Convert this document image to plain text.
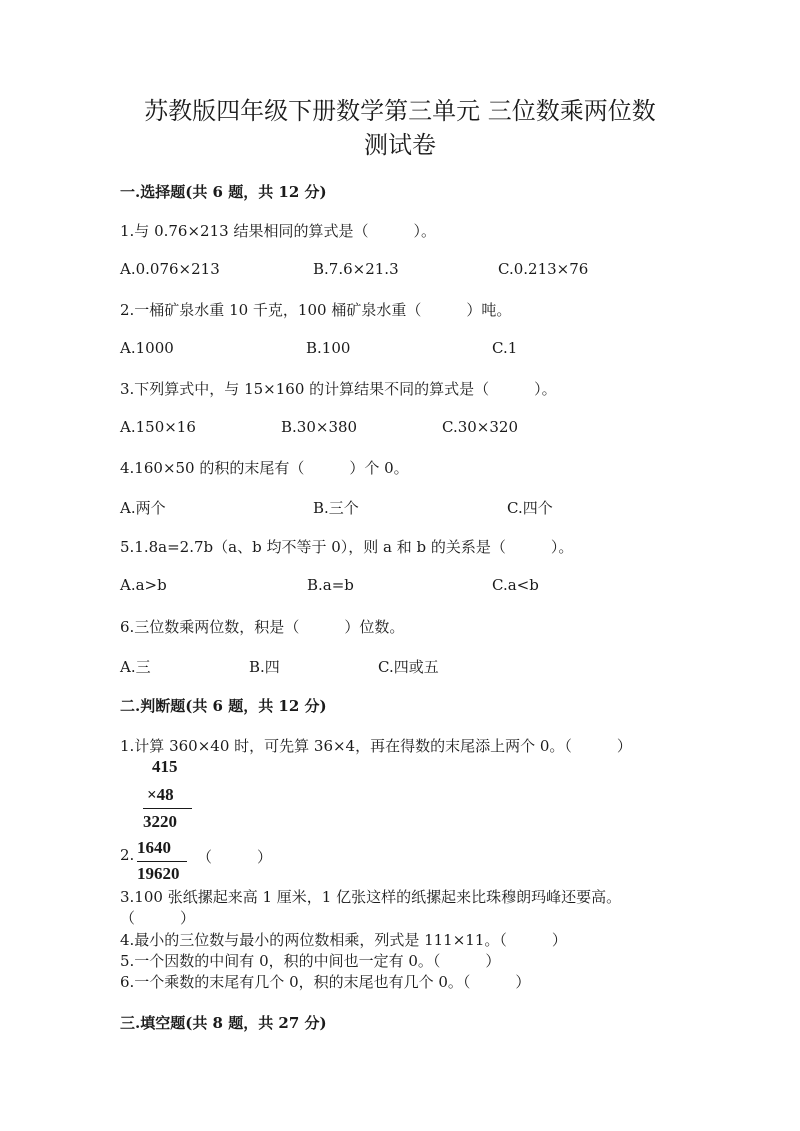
苏教版四年级下册数学第三单元 三位数乘两位数
测试卷
一.选择题(共 6 题，共 12 分)
1.与 0.76×213 结果相同的算式是（　　　）。
A.0.076×213	B.7.6×21.3	C.0.213×76
2.一桶矿泉水重 10 千克，100 桶矿泉水重（　　　）吨。
A.1000	B.100	C.1
3.下列算式中，与 15×160 的计算结果不同的算式是（　　　）。
A.150×16	B.30×380	C.30×320
4.160×50 的积的末尾有（　　　）个 0。
A.两个	B.三个	C.四个
5.1.8a=2.7b（a、b 均不等于 0），则 a 和 b 的关系是（　　　）。
A.a>b	B.a=b	C.a<b
6.三位数乘两位数，积是（　　　）位数。
A.三	B.四	C.四或五
二.判断题(共 6 题，共 12 分)
1.计算 360×40 时，可先算 36×4，再在得数的末尾添上两个 0。（　　　）
415
×48
3220
1640
19620
2.	（　　　）
3.100 张纸摞起来高 1 厘米，1 亿张这样的纸摞起来比珠穆朗玛峰还要高。
（　　　）
4.最小的三位数与最小的两位数相乘，列式是 111×11。（　　　）
5.一个因数的中间有 0，积的中间也一定有 0。（　　　）
6.一个乘数的末尾有几个 0，积的末尾也有几个 0。（　　　）
三.填空题(共 8 题，共 27 分)
